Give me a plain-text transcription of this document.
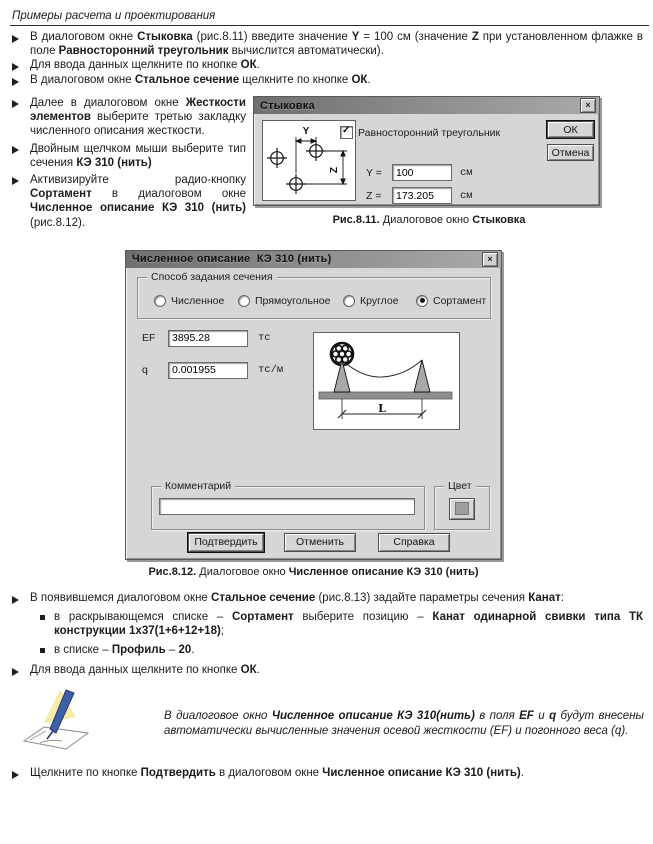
Примеры расчета и проектирования
В диалоговом окне Стыковка (рис.8.11) введите значение Y = 100 см (значение Z при установленном флажке в поле Равносторонний треугольник вычислится автоматически).
Для ввода данных щелкните по кнопке ОК.
В диалоговом окне Стальное сечение щелкните по кнопке ОК.
Далее в диалоговом окне Жесткости элементов выберите третью закладку численного описания жесткости.
Двойным щелчком мыши выберите тип сечения КЭ 310 (нить)
Активизируйте радио-кнопку Сортамент в диалоговом окне Численное описание КЭ 310 (нить) (рис.8.12).
Стыковка	×
Y
Z
✓
Равносторонний треугольник
Y =
100	см
Z =
173.205	см
ОК
Отмена
Рис.8.11. Диалоговое окно Стыковка
Численное описание  КЭ 310 (нить)	×
Способ задания сечения
Численное	Прямоугольное	Круглое	Сортамент
EF
3895.28	тс
q
0.001955	тс/м
L
Комментарий	Цвет
Подтвердить	Отменить	Справка
Рис.8.12. Диалоговое окно Численное описание КЭ 310 (нить)
В появившемся диалоговом окне Стальное сечение (рис.8.13) задайте параметры сечения Канат:
в раскрывающемся списке – Сортамент выберите позицию – Канат одинарной свивки типа ТК конструкции 1х37(1+6+12+18);
в списке – Профиль – 20.
Для ввода данных щелкните по кнопке ОК.
В диалоговое окно Численное описание КЭ 310(нить) в поля EF и q будут внесены автоматически вычисленные значения осевой жесткости (EF) и погонного веса (q).
Щелкните по кнопке Подтвердить в диалоговом окне Численное описание КЭ 310 (нить).
